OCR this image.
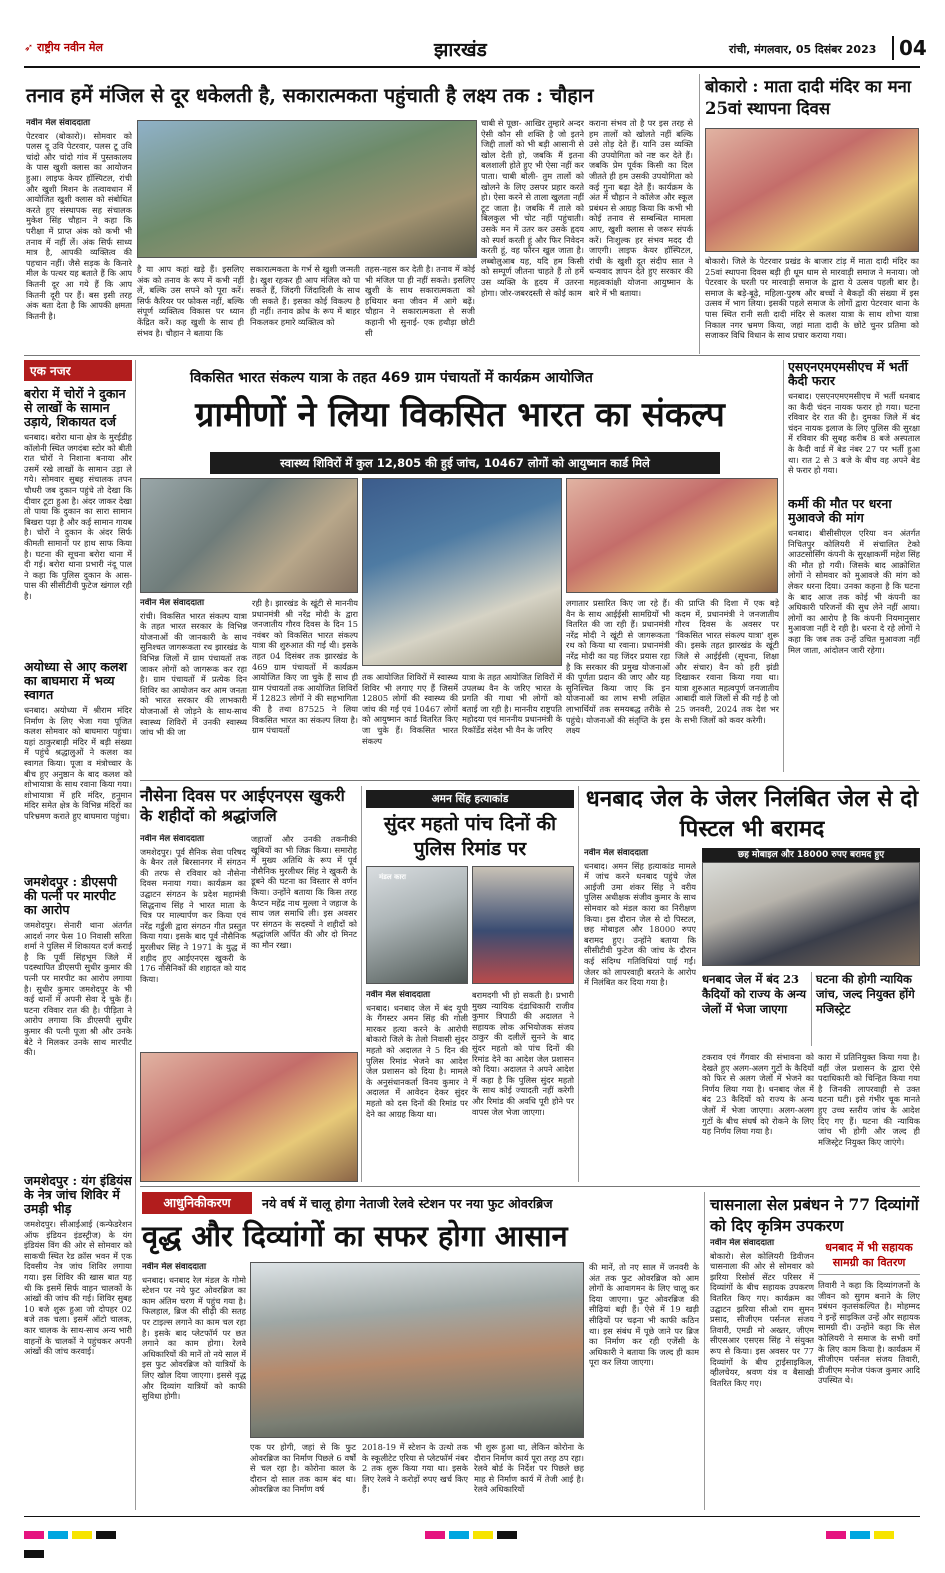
➶ राष्ट्रीय नवीन मेल	झारखंड	रांची, मंगलवार, 05 दिसंबर 2023	04
तनाव हमें मंजिल से दूर धकेलती है, सकारात्मकता पहुंचाती है लक्ष्य तक : चौहान
नवीन मेल संवाददाता
पेटरवार (बोकारो)। सोमवार को पलस दू उवि पेटरवार, पलस टू उवि चांदो और चांदो गांव में पुस्तकालय के पास खुशी क्लास का आयोजन हुआ। लाइफ केयर हॉस्पिटल, रांची और खुशी मिशन के तत्वावधान में आयोजित खुशी क्लास को संबोधित करते हुए संस्थापक सह संचालक मुकेश सिंह चौहान ने कहा कि परीक्षा में प्राप्त अंक को कभी भी तनाव में नहीं लें। अंक सिर्फ साध्य मात्र है, आपकी व्यक्तित्व की पहचान नहीं। जैसे सड़क के किनारे मील के पत्थर यह बताते हैं कि आप कितनी दूर आ गये हैं कि आप कितनी दूरी पर हैं। बस इसी तरह अंक बता देता है कि आपकी क्षमता कितनी है।
है या आप कहां खड़े हैं। इसलिए अंक को तनाव के रूप में कभी नहीं लें, बल्कि उस सपने को पूरा करें। सिर्फ कैरियर पर फोकस नहीं, बल्कि संपूर्ण व्यक्तित्व विकास पर ध्यान केंद्रित करें। कह खुशी के साथ ही संभव है। चौहान ने बताया कि
सकारात्मकता के गर्भ से खुशी जन्मती है। खुश रहकर ही आप मंजिल को पा सकते हैं, जिंदगी जिंदादिली के साथ जी सकते हैं। इसका कोई विकल्प है ही नहीं। तनाव क्रोध के रूप में बाहर निकलकर हमारे व्यक्तित्व को
तहस-नहस कर देती है। तनाव में कोई भी मंजिल पा ही नहीं सकते। इसलिए खुशी के साथ सकारात्मकता को हथियार बना जीवन में आगे बढ़ें। चौहान ने सकारात्मकता से सजी कहानी भी सुनाई- एक हथौड़ा छोटी सी
चाबी से पूछा- आखिर तुम्हारे अन्दर ऐसी कौन सी शक्ति है जो इतने जिद्दी तालों को भी बड़ी आसानी से खोल देती हो, जबकि मैं इतना बलशाली होते हुए भी ऐसा नहीं कर पाता। चाबी बोली- तुम तालों को खोलने के लिए उसपर प्रहार करते हो। ऐसा करने से ताला खुलता नहीं टूट जाता है। जबकि मैं ताले को बिलकुल भी चोट नहीं पहुंचाती। उसके मन में उतर कर उसके हृदय को स्पर्श करती हूं और फिर निवेदन करती हूं, वह फौरन खुल जाता है। लब्बोलुआब यह, यदि हम किसी को सम्पूर्ण जीतना चाहते हैं तो हमें उस व्यक्ति के हृदय में उतरना होगा। जोर-जबरदस्ती से कोई काम
कराना संभव तो है पर इस तरह से हम तालों को खोलते नहीं बल्कि उसे तोड़ देते हैं। यानि उस व्यक्ति की उपयोगिता को नष्ट कर देते हैं। जबकि प्रेम पूर्वक किसी का दिल जीतते ही हम उसकी उपयोगिता को कई गुना बढ़ा देते हैं। कार्यक्रम के अंत में चौहान ने कॉलेज और स्कूल प्रबंधन से आग्रह किया कि कभी भी कोई तनाव से सम्बन्धित मामला आए, खुशी क्लास से जरूर संपर्क करें। निःशुल्क हर संभव मदद दी जाएगी। लाइफ केयर हॉस्पिटल, रांची के खुशी दूत संदीप सात ने धन्यवाद ज्ञापन देते हुए सरकार की महत्वकांक्षी योजना आयुष्मान के बारे में भी बताया।
बोकारो : माता दादी मंदिर का मना 25वां स्थापना दिवस
बोकारो। जिले के पेटरवार प्रखंड के बाजार टांड़ में माता दादी मंदिर का 25वां स्थापना दिवस बड़ी ही धूम धाम से मारवाड़ी समाज ने मनाया। जो पेटरवार के घरती पर मारवाड़ी समाज के द्वारा ये उत्सव पहली बार है। समाज के बड़े-बूढ़े, महिला-पुरुष और बच्चों ने बैकड़ों की संख्या में इस उत्सव में भाग लिया। इसकी पहले समाज के लोगों द्वारा पेटरवार थाना के पास स्थित रानी सती दादी मंदिर से कलश यात्रा के साथ शोभा यात्रा निकाल नगर भ्रमण किया, जहां माता दादी के छोटे चुनर प्रतिमा को सजाकर विधि विधान के साथ प्रचार कराया गया।
एक नजर
बरोरा में चोरों ने दुकान से लाखों के सामान उड़ाये, शिकायत दर्ज
धनबाद। बरोरा थाना क्षेत्र के मुरईडीह कॉलोनी स्थित जगदंबा स्टोर को बीती रात चोरों ने निशाना बनाया और उसमें रखे लाखों के सामान उड़ा ले गये। सोमवार सुबह संचालक तपन चौधरी जब दुकान पहुंचे तो देखा कि दीवार टूटा हुआ है। अंदर जाकर देखा तो पाया कि दुकान का सारा सामान बिखरा पड़ा है और कई सामान गायब है। चोरों ने दुकान के अंदर सिर्फ कीमती सामानों पर हाथ साफ किया है। घटना की सूचना बरोरा थाना में दी गई। बरोरा थाना प्रभारी नंदू पाल ने कहा कि पुलिस दुकान के आस-पास की सीसीटीवी फुटेज खंगाल रही है।
अयोध्या से आए कलश का बाघमारा में भव्य स्वागत
धनबाद। अयोध्या में श्रीराम मंदिर निर्माण के लिए भेजा गया पूजित कलश सोमवार को बाघमारा पहुंचा। यहां ठाकुरबाड़ी मंदिर में बड़ी संख्या में पहुंचे श्रद्धालुओं ने कलश का स्वागत किया। पूजा व मंत्रोच्चार के बीच हुए अनुष्ठान के बाद कलश को शोभायात्रा के साथ रवाना किया गया। शोभायात्रा में हरि मंदिर, हनुमान मंदिर समेत क्षेत्र के विभिन्न मंदिरों का परिभ्रमण कराते हुए बाघमारा पहुंचा।
जमशेदपुर : डीएसपी की पत्नी पर मारपीट का आरोप
जमशेदपुर। सेनारी थाना अंतर्गत आदर्श नगर फेस 10 निवासी सरिता शर्मा ने पुलिस में शिकायत दर्ज कराई है कि पूर्वी सिंहभूम जिले में पदस्थापित डीएसपी सुधीर कुमार की पत्नी पर मारपीट का आरोप लगाया है। सुधीर कुमार जमशेदपुर के भी कई थानों में अपनी सेवा दे चुके हैं। घटना रविवार रात की है। पीड़िता ने आरोप लगाया कि डीएसपी सुधीर कुमार की पत्नी पूजा श्री और उनके बेटे ने मिलकर उनके साथ मारपीट की।
जमशेदपुर : यंग इंडियंस के नेत्र जांच शिविर में उमड़ी भीड़
जमशेदपुर। सीआईआई (कन्फेडरेशन ऑफ इंडियन इंडस्ट्रीज) के यंग इंडियंस विंग की ओर से सोमवार को साकची स्थित रेड क्रॉस भवन में एक दिवसीय नेत्र जांच शिविर लगाया गया। इस शिविर की खास बात यह थी कि इसमें सिर्फ वाहन चालकों के आंखों की जांच की गई। शिविर सुबह 10 बजे शुरू हुआ जो दोपहर 02 बजे तक चला। इसमें ऑटो चालक, कार चालक के साथ-साथ अन्य भारी वाहनों के चालकों ने पहुंचकर अपनी आंखों की जांच करवाई।
विकसित भारत संकल्प यात्रा के तहत 469 ग्राम पंचायतों में कार्यक्रम आयोजित
ग्रामीणों ने लिया विकसित भारत का संकल्प
स्वास्थ्य शिविरों में कुल 12,805 की हुई जांच, 10467 लोगों को आयुष्मान कार्ड मिले
नवीन मेल संवाददाता
रांची। विकसित भारत संकल्प यात्रा के तहत भारत सरकार के विभिन्न योजनाओं की जानकारी के साथ सुनिश्चत जागरूकता रथ झारखंड के विभिन्न जिलों में ग्राम पंचायतों तक जाकर लोगों को जागरूक कर रहा है। ग्राम पंचायतों में प्रत्येक दिन शिविर का आयोजन कर आम जनता को भारत सरकार की लाभकारी योजनाओं से जोड़ने के साथ-साथ स्वास्थ्य शिविरों में उनकी स्वास्थ्य जांच भी की जा
रही है। झारखंड के खूंटी से माननीय प्रधानमंत्री श्री नरेंद्र मोदी के द्वारा जनजातीय गौरव दिवस के दिन 15 नवंबर को विकसित भारत संकल्प यात्रा की शुरुआत की गई थी। इसके तहत 04 दिसंबर तक झारखंड के 469 ग्राम पंचायतों में कार्यक्रम आयोजित किए जा चुके हैं साथ ही ग्राम पंचायतों तक आयोजित शिविरों में 12823 लोगों ने की सहभागिता की है तथा 87525 ने लिया विकसित भारत का संकल्प लिया है। ग्राम पंचायतों
तक आयोजित शिविरों में स्वास्थ्य शिविर भी लगाए गए हैं जिसमें 12805 लोगों की स्वास्थ्य की जांच की गई एवं 10467 लोगों को आयुष्मान कार्ड वितरित किए जा चुके हैं। विकसित भारत संकल्प
यात्रा के तहत आयोजित शिविरों में उपलब्ध वैन के जरिए भारत के प्रगति की गाथा भी लोगों को बताई जा रही है। माननीय राष्ट्रपति महोदया एवं माननीय प्रधानमंत्री के रिकॉर्डेड संदेश भी वैन के जरिए
लगातार प्रसारित किए जा रहे हैं। वैन के साथ आईईसी सामग्रियों भी वितरित की जा रही हैं। प्रधानमंत्री नरेंद्र मोदी ने खूंटी से जागरूकता रथ को किया था रवाना। प्रधानमंत्री नरेंद्र मोदी का यह जिंदर प्रयास रहा है कि सरकार की प्रमुख योजनाओं की पूर्णता प्रदान की जाए और यह सुनिश्चित किया जाए कि इन योजनाओं का लाभ सभी लक्षित लाभार्थियों तक समयबद्ध तरीके से पहुंचे। योजनाओं की संतृप्ति के इस लक्ष्य
की प्राप्ति की दिशा में एक बड़े कदम में, प्रधानमंत्री ने जनजातीय गौरव दिवस के अवसर पर 'विकसित भारत संकल्प यात्रा' शुरू की। इसके तहत झारखंड के खूंटी जिले से आईईसी (सूचना, शिक्षा और संचार) वैन को हरी झंडी दिखाकर रवाना किया गया था। यात्रा शुरुआत महत्वपूर्ण जनजातीय आबादी वाले जिलों से की गई है जो 25 जनवरी, 2024 तक देश भर के सभी जिलों को कवर करेगी।
एसएनएमएमसीएच में भर्ती कैदी फरार
धनबाद। एसएनएमएमसीएच में भर्ती धनबाद का कैदी चंदन नायक फरार हो गया। घटना रविवार देर रात की है। दुमका जिले में बंद चंदन नायक इलाज के लिए पुलिस की सुरक्षा में रविवार की सुबह करीब 8 बजे अस्पताल के कैदी वार्ड में बेड नंबर 27 पर भर्ती हुआ था। रात 2 से 3 बजे के बीच वह अपने बेड से फरार हो गया।
कर्मी की मौत पर धरना मुआवजे की मांग
धनबाद। बीसीसीएल एरिया वन अंतर्गत निचितपुर कोलियरी में संचालित टेको आउटसोर्सिंग कंपनी के सुरक्षाकर्मी महेश सिंह की मौत हो गयी। जिसके बाद आक्रोशित लोगों ने सोमवार को मुआवजे की मांग को लेकर धरना दिया। उनका कहना है कि घटना के बाद आज तक कोई भी कंपनी का अधिकारी परिजनों की सुध लेने नहीं आया। लोगों का आरोप है कि कंपनी नियमानुसार मुआवजा नहीं दे रही है। धरना दे रहे लोगों ने कहा कि जब तक उन्हें उचित मुआवजा नहीं मिल जाता, आंदोलन जारी रहेगा।
नौसेना दिवस पर आईएनएस खुकरी के शहीदों को श्रद्धांजलि
नवीन मेल संवाददाता
जमशेदपुर। पूर्व सैनिक सेवा परिषद के बैनर तले बिरसानगर में संगठन की तरफ से रविवार को नौसेना दिवस मनाया गया। कार्यक्रम का उद्घाटन संगठन के प्रदेश महामंत्री सिद्धनाथ सिंह ने भारत माता के चित्र पर माल्यार्पण कर किया एवं नरेंद्र गर्डुली द्वारा संगठन गीत प्रस्तुत किया गया। इसके बाद पूर्व नौसैनिक मुरलीधर सिंह ने 1971 के युद्ध में शहीद हुए आईएनएस खुकरी के 176 नौसैनिकों की शहादत को याद किया।
जहाजों और उनकी तकनीकी खूबियों का भी जिक्र किया। समारोह में मुख्य अतिथि के रूप में पूर्व नौसैनिक मुरलीधर सिंह ने खुकरी के डूबने की घटना का विस्तार से वर्णन किया। उन्होंने बताया कि किस तरह कैप्टन महेंद्र नाथ मुल्ला ने जहाज के साथ जल समाधि ली। इस अवसर पर संगठन के सदस्यों ने शहीदों को श्रद्धांजलि अर्पित की और दो मिनट का मौन रखा।
अमन सिंह हत्याकांड
सुंदर महतो पांच दिनों की पुलिस रिमांड पर
मंडल कारा
नवीन मेल संवाददाता
धनबाद। धनबाद जेल में बंद यूपी के गैंगस्टर अमन सिंह की गोली मारकर हत्या करने के आरोपी बोकारो जिले के तेलो निवासी सुंदर महतो को अदालत ने 5 दिन की पुलिस रिमांड भेजने का आदेश जेल प्रशासन को दिया है। मामले के अनुसंधानकर्ता विनय कुमार ने अदालत में आवेदन देकर सुंदर महतो को दस दिनों की रिमांड पर देने का आग्रह किया था।
बरामदगी भी हो सकती है। प्रभारी मुख्य न्यायिक दंडाधिकारी राजीव कुमार त्रिपाठी की अदालत ने सहायक लोक अभियोजक संजय ठाकुर की दलीलें सुनने के बाद सुंदर महतो को पांच दिनों की रिमांड देने का आदेश जेल प्रशासन को दिया। अदालत ने अपने आदेश में कहा है कि पुलिस सुंदर महतो के साथ कोई ज्यादती नहीं करेगी और रिमांड की अवधि पूरी होने पर वापस जेल भेजा जाएगा।
धनबाद जेल के जेलर निलंबित जेल से दो पिस्टल भी बरामद
नवीन मेल संवाददाता
धनबाद। अमन सिंह हत्याकांड मामले में जांच करने धनबाद पहुंचे जेल आईजी उमा शंकर सिंह ने वरीय पुलिस अधीक्षक संजीव कुमार के साथ सोमवार को मंडल कारा का निरीक्षण किया। इस दौरान जेल से दो पिस्टल, छह मोबाइल और 18000 रुपए बरामद हुए। उन्होंने बताया कि सीसीटीवी फुटेज की जांच के दौरान कई संदिग्ध गतिविधियां पाई गईं। जेलर को लापरवाही बरतने के आरोप में निलंबित कर दिया गया है।
छह मोबाइल और 18000 रुपए बरामद हुए
धनबाद जेल में बंद 23 कैदियों को राज्य के अन्य जेलों में भेजा जाएगा
घटना की होगी न्यायिक जांच, जल्द नियुक्त होंगे मजिस्ट्रेट
टकराव एवं गैंगवार की संभावना को देखते हुए अलग-अलग गुटों के कैदियों को फिर से अलग जेलों में भेजने का निर्णय लिया गया है। धनबाद जेल में बंद 23 कैदियों को राज्य के अन्य जेलों में भेजा जाएगा। अलग-अलग गुटों के बीच संघर्ष को रोकने के लिए यह निर्णय लिया गया है।
कारा में प्रतिनियुक्त किया गया है। वहीं जेल प्रशासन के द्वारा ऐसे पदाधिकारी को चिन्हित किया गया है जिनकी लापरवाही से उक्त घटना घटी। इसे गंभीर चूक मानते हुए उच्च स्तरीय जांच के आदेश दिए गए हैं। घटना की न्यायिक जांच भी होगी और जल्द ही मजिस्ट्रेट नियुक्त किए जाएंगे।
आधुनिकीकरण	नये वर्ष में चालू होगा नेताजी रेलवे स्टेशन पर नया फुट ओवरब्रिज
वृद्ध और दिव्यांगों का सफर होगा आसान
नवीन मेल संवाददाता
धनबाद। धनबाद रेल मंडल के गोमो स्टेशन पर नये फुट ओवरब्रिज का काम अंतिम चरण में पहुंच गया है। फिलहाल, ब्रिज की सीढ़ी की सतह पर टाइल्स लगाने का काम चल रहा है। इसके बाद प्लेटफॉर्म पर छत लगाने का काम होगा। रेलवे अधिकारियों की मानें तो नये साल में इस फुट ओवरब्रिज को यात्रियों के लिए खोल दिया जाएगा। इससे वृद्ध और दिव्यांग यात्रियों को काफी सुविधा होगी।
एक पर होगी, जहां से कि फुट ओवरब्रिज का निर्माण पिछले 6 वर्षों से चल रहा है। कोरोना काल के दौरान दो साल तक काम बंद था। ओवरब्रिज का निर्माण वर्ष
2018-19 में स्टेशन के उत्थो तक के स्कूलीटेट एरिया से प्लेटफॉर्म नंबर 2 तक शुरू किया गया था। इसके लिए रेलवे ने करोड़ों रुपए खर्च किए हैं।
भी शुरू हुआ था, लेकिन कोरोना के दौरान निर्माण कार्य पूरा तरह ठप रहा। रेलवे बोर्ड के निर्देश पर पिछले छह माह से निर्माण कार्य में तेजी आई है। रेलवे अधिकारियों
की मानें, तो नए साल में जनवरी के अंत तक फुट ओवरब्रिज को आम लोगों के आवागमन के लिए चालू कर दिया जाएगा। फुट ओवरब्रिज की सीढ़ियां बड़ी हैं। ऐसे में 19 खड़ी सीढ़ियों पर चढ़ना भी काफी कठिन था। इस संबंध में पूछे जाने पर ब्रिज का निर्माण कर रही एजेंसी के अधिकारी ने बताया कि जल्द ही काम पूरा कर लिया जाएगा।
चासनाला सेल प्रबंधन ने 77 दिव्यांगों को दिए कृत्रिम उपकरण
नवीन मेल संवाददाता
बोकारो। सेल कोलियरी डिवीजन चासनाला की ओर से सोमवार को झरिया रिसोर्स सेंटर परिसर में दिव्यांगों के बीच सहायक उपकरण वितरित किए गए। कार्यक्रम का उद्घाटन झरिया सीओ राम सुमन प्रसाद, सीजीएम पर्सनल संजय तिवारी, एमडी मो अख्तर, जीएम सीएसआर एसएस सिंह ने संयुक्त रूप से किया। इस अवसर पर 77 दिव्यांगों के बीच ट्राईसाइकिल, व्हीलचेयर, श्रवण यंत्र व बैसाखी वितरित किए गए।
धनबाद में भी सहायक सामग्री का वितरण
तिवारी ने कहा कि दिव्यांगजनों के जीवन को सुगम बनाने के लिए प्रबंधन कृतसंकल्पित है। मोहम्मद ने इन्हें साइकिल उन्हें और सहायक सामग्री दी। उन्होंने कहा कि सेल कोलियरी ने समाज के सभी वर्गों के लिए काम किया है। कार्यक्रम में सीजीएम पर्सनल संजय तिवारी, डीजीएम मनोज पंकज कुमार आदि उपस्थित थे।
